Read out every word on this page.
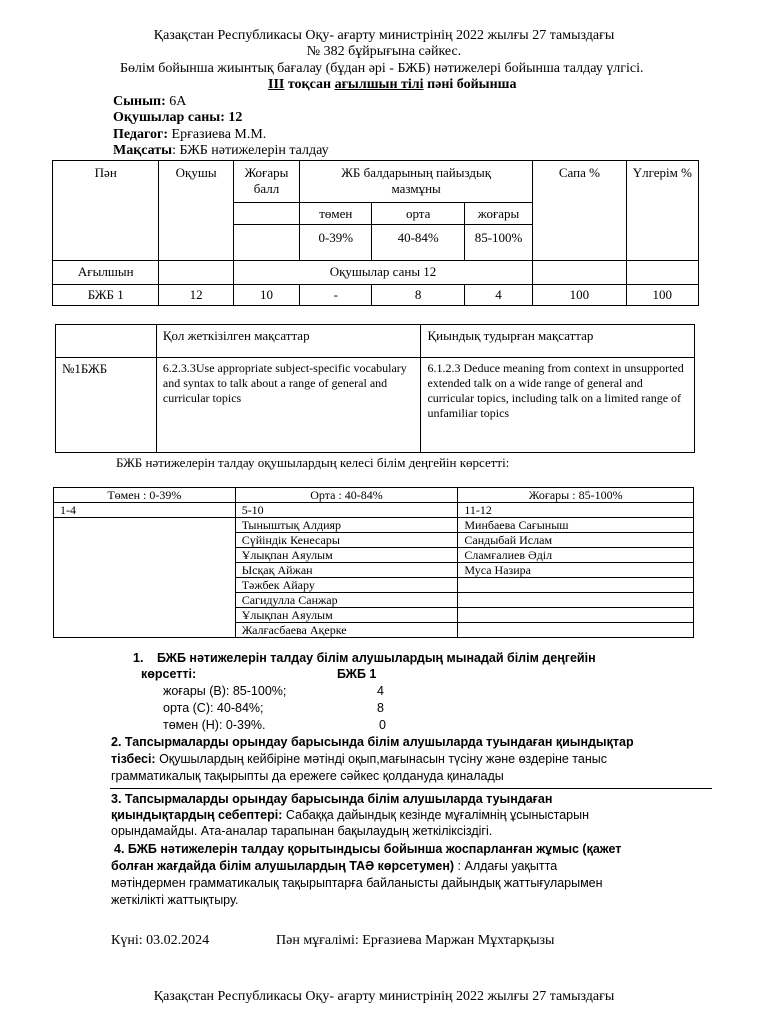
Қазақстан Республикасы Оқу- ағарту министрінің 2022 жылғы 27 тамыздағы
№ 382 бұйрығына сәйкес.
Бөлім бойынша жиынтық бағалау (бұдан әрі - БЖБ) нәтижелері бойынша талдау үлгісі.
III тоқсан ағылшын тілі пәні бойынша
Сынып: 6А
Оқушылар саны: 12
Педагог: Ерғазиева М.М.
Мақсаты: БЖБ нәтижелерін талдау
Пән	Оқушы	Жоғары балл	ЖБ балдарының пайыздық мазмұны			Сапа %	Үлгерім %
			төмен	орта	жоғары		
			0-39%	40-84%	85-100%		
Ағылшын		Оқушылар саны 12					
БЖБ 1	12	10	-	8	4	100	100
	Қол жеткізілген мақсаттар	Қиындық тудырған мақсаттар
№1БЖБ	6.2.3.3Use appropriate subject-specific vocabulary and syntax to talk about a range of general and curricular topics	6.1.2.3 Deduce meaning from context in unsupported extended talk on a wide range of general and curricular topics, including talk on a limited range of unfamiliar topics
БЖБ нәтижелерін талдау оқушылардың келесі білім деңгейін көрсетті:
Төмен : 0-39%	Орта : 40-84%	Жоғары : 85-100%
1-4	5-10	11-12
	Тыныштық Алдияр	Минбаева Сағыныш
	Сүйіндік Кенесары	Сандыбай Ислам
	Ұлықпан Аяулым	Сламғалиев Әділ
	Ысқақ Айжан	Муса Назира
	Тәжбек Айару	
	Сагидулла Санжар	
	Ұлықпан Аяулым	
	Жалғасбаева Ақерке	
1. БЖБ нәтижелерін талдау білім алушылардың мынадай білім деңгейін
көрсетті:	БЖБ 1
жоғары (В): 85-100%;	4
орта (С): 40-84%;	8
төмен (Н): 0-39%.	0
2. Тапсырмаларды орындау барысында білім алушыларда туындаған қиындықтар
тізбесі: Оқушылардың кейбіріне мәтінді оқып,мағынасын түсіну және өздеріне таныс
грамматикалық тақырыпты да ережеге сәйкес қолдануда қиналады
3. Тапсырмаларды орындау барысында білім алушыларда туындаған
қиындықтардың себептері: Сабаққа дайындық кезінде мұғалімнің ұсыныстарын
орындамайды. Ата-аналар тарапынан бақылаудың жеткіліксіздігі.
4. БЖБ нәтижелерін талдау қорытындысы бойынша жоспарланған жұмыс (қажет
болған жағдайда білім алушылардың ТАӘ көрсетумен) : Алдағы уақытта
мәтіндермен грамматикалық тақырыптарға байланысты дайындық жаттығуларымен
жеткілікті жаттықтыру.
Күні: 03.02.2024	Пән мұғалімі: Ерғазиева Маржан Мұхтарқызы
Қазақстан Республикасы Оқу- ағарту министрінің 2022 жылғы 27 тамыздағы
